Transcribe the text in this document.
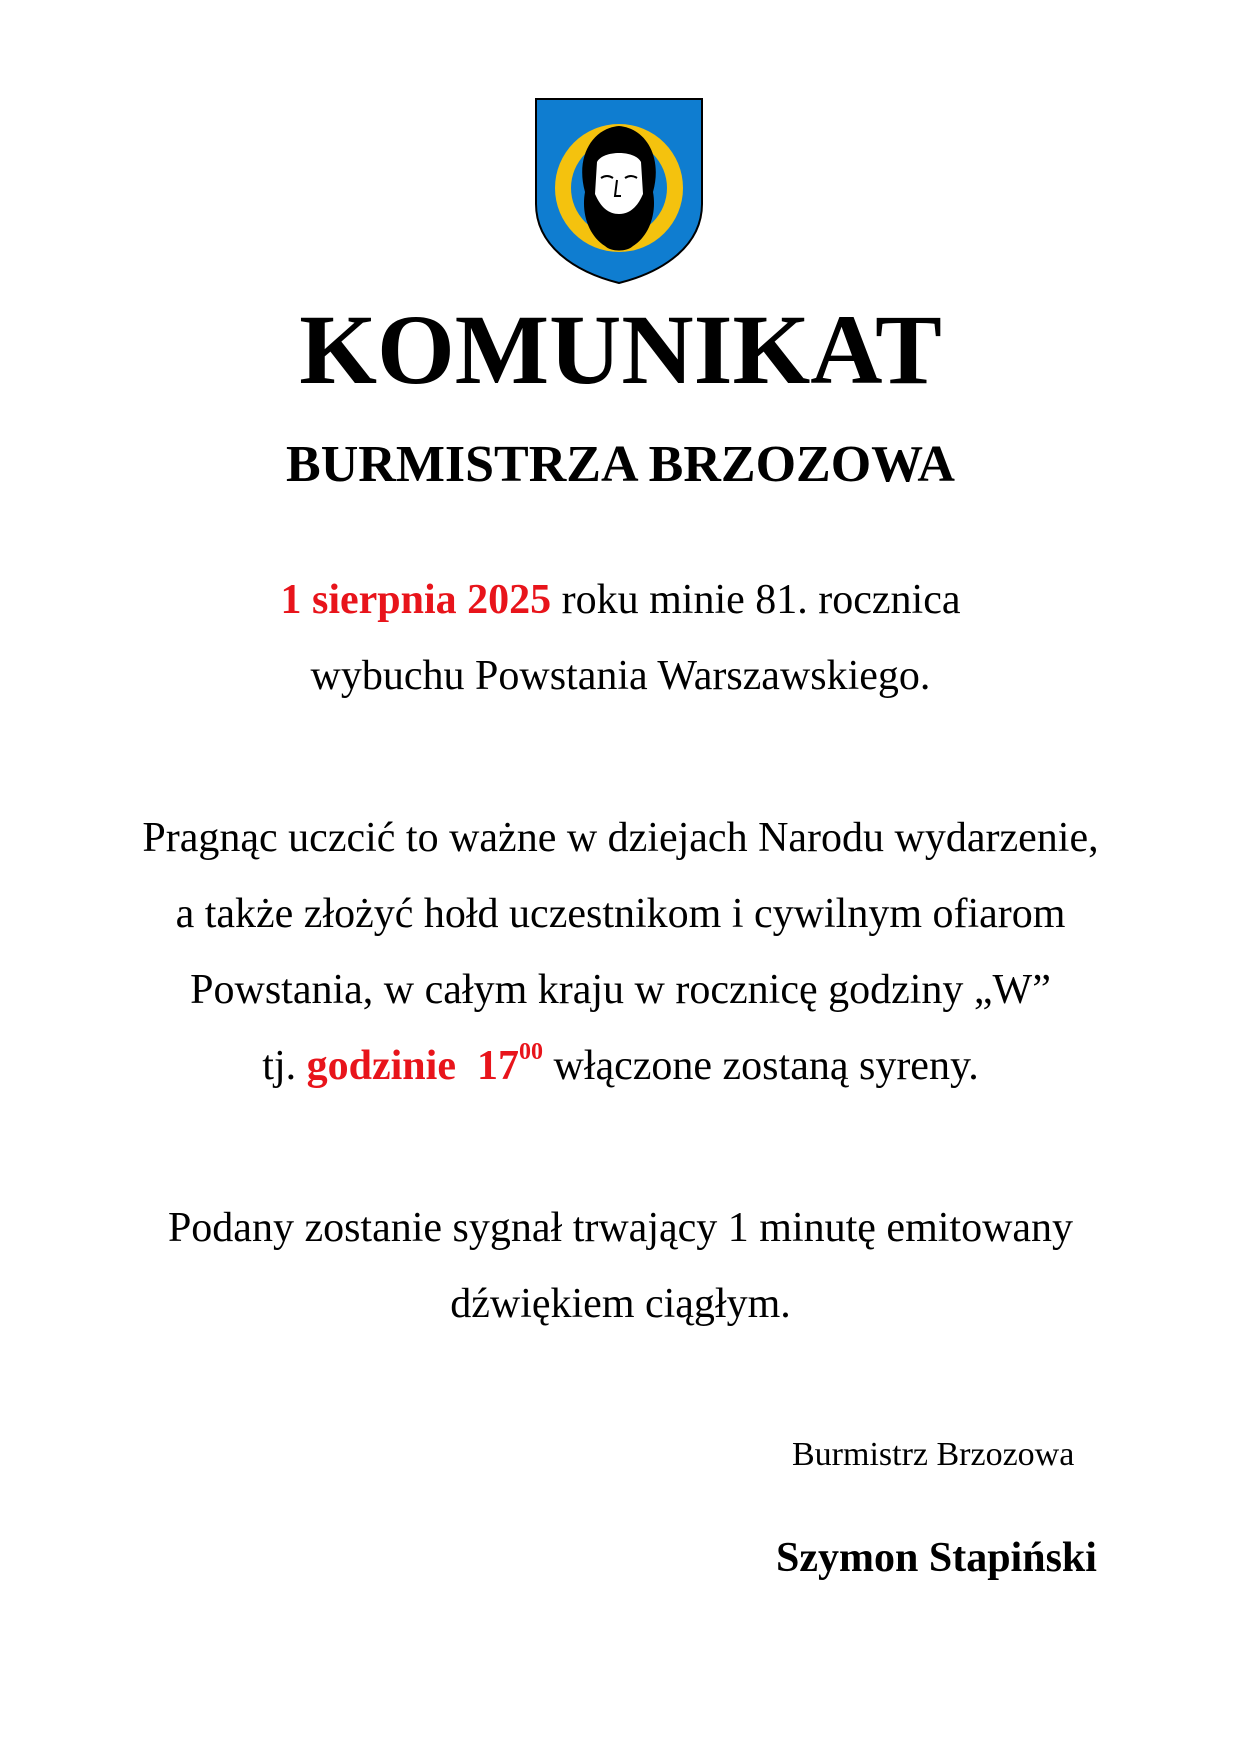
KOMUNIKAT
BURMISTRZA BRZOZOWA
1 sierpnia 2025 roku minie 81. rocznica
wybuchu Powstania Warszawskiego.
Pragnąc uczcić to ważne w dziejach Narodu wydarzenie,
a także złożyć hołd uczestnikom i cywilnym ofiarom
Powstania, w całym kraju w rocznicę godziny „W”
tj. godzinie  $17^{00}$ włączone zostaną syreny.
Podany zostanie sygnał trwający 1 minutę emitowany
dźwiękiem ciągłym.
Burmistrz Brzozowa
Szymon Stapiński
